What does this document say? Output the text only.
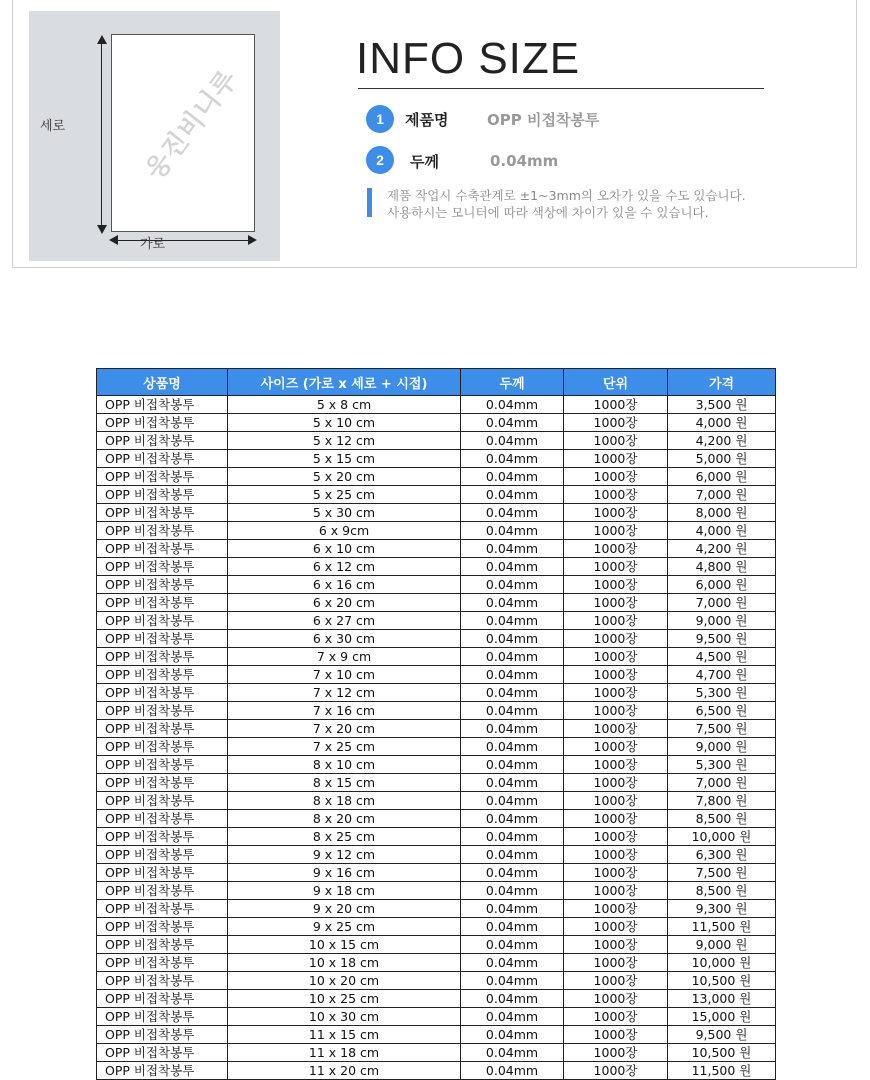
웅진비니루
세로
가로
INFO SIZE
1	제품명	OPP 비접착봉투
2	두께	0.04mm
제품 작업시 수축관계로 ±1~3mm의 오차가 있을 수도 있습니다.
사용하시는 모니터에 따라 색상에 차이가 있을 수 있습니다.
상품명	사이즈 (가로 x 세로 + 시접)	두께	단위	가격
OPP 비접착봉투	5 x 8 cm	0.04mm	1000장	3,500 원
OPP 비접착봉투	5 x 10 cm	0.04mm	1000장	4,000 원
OPP 비접착봉투	5 x 12 cm	0.04mm	1000장	4,200 원
OPP 비접착봉투	5 x 15 cm	0.04mm	1000장	5,000 원
OPP 비접착봉투	5 x 20 cm	0.04mm	1000장	6,000 원
OPP 비접착봉투	5 x 25 cm	0.04mm	1000장	7,000 원
OPP 비접착봉투	5 x 30 cm	0.04mm	1000장	8,000 원
OPP 비접착봉투	6 x 9cm	0.04mm	1000장	4,000 원
OPP 비접착봉투	6 x 10 cm	0.04mm	1000장	4,200 원
OPP 비접착봉투	6 x 12 cm	0.04mm	1000장	4,800 원
OPP 비접착봉투	6 x 16 cm	0.04mm	1000장	6,000 원
OPP 비접착봉투	6 x 20 cm	0.04mm	1000장	7,000 원
OPP 비접착봉투	6 x 27 cm	0.04mm	1000장	9,000 원
OPP 비접착봉투	6 x 30 cm	0.04mm	1000장	9,500 원
OPP 비접착봉투	7 x 9 cm	0.04mm	1000장	4,500 원
OPP 비접착봉투	7 x 10 cm	0.04mm	1000장	4,700 원
OPP 비접착봉투	7 x 12 cm	0.04mm	1000장	5,300 원
OPP 비접착봉투	7 x 16 cm	0.04mm	1000장	6,500 원
OPP 비접착봉투	7 x 20 cm	0.04mm	1000장	7,500 원
OPP 비접착봉투	7 x 25 cm	0.04mm	1000장	9,000 원
OPP 비접착봉투	8 x 10 cm	0.04mm	1000장	5,300 원
OPP 비접착봉투	8 x 15 cm	0.04mm	1000장	7,000 원
OPP 비접착봉투	8 x 18 cm	0.04mm	1000장	7,800 원
OPP 비접착봉투	8 x 20 cm	0.04mm	1000장	8,500 원
OPP 비접착봉투	8 x 25 cm	0.04mm	1000장	10,000 원
OPP 비접착봉투	9 x 12 cm	0.04mm	1000장	6,300 원
OPP 비접착봉투	9 x 16 cm	0.04mm	1000장	7,500 원
OPP 비접착봉투	9 x 18 cm	0.04mm	1000장	8,500 원
OPP 비접착봉투	9 x 20 cm	0.04mm	1000장	9,300 원
OPP 비접착봉투	9 x 25 cm	0.04mm	1000장	11,500 원
OPP 비접착봉투	10 x 15 cm	0.04mm	1000장	9,000 원
OPP 비접착봉투	10 x 18 cm	0.04mm	1000장	10,000 원
OPP 비접착봉투	10 x 20 cm	0.04mm	1000장	10,500 원
OPP 비접착봉투	10 x 25 cm	0.04mm	1000장	13,000 원
OPP 비접착봉투	10 x 30 cm	0.04mm	1000장	15,000 원
OPP 비접착봉투	11 x 15 cm	0.04mm	1000장	9,500 원
OPP 비접착봉투	11 x 18 cm	0.04mm	1000장	10,500 원
OPP 비접착봉투	11 x 20 cm	0.04mm	1000장	11,500 원
